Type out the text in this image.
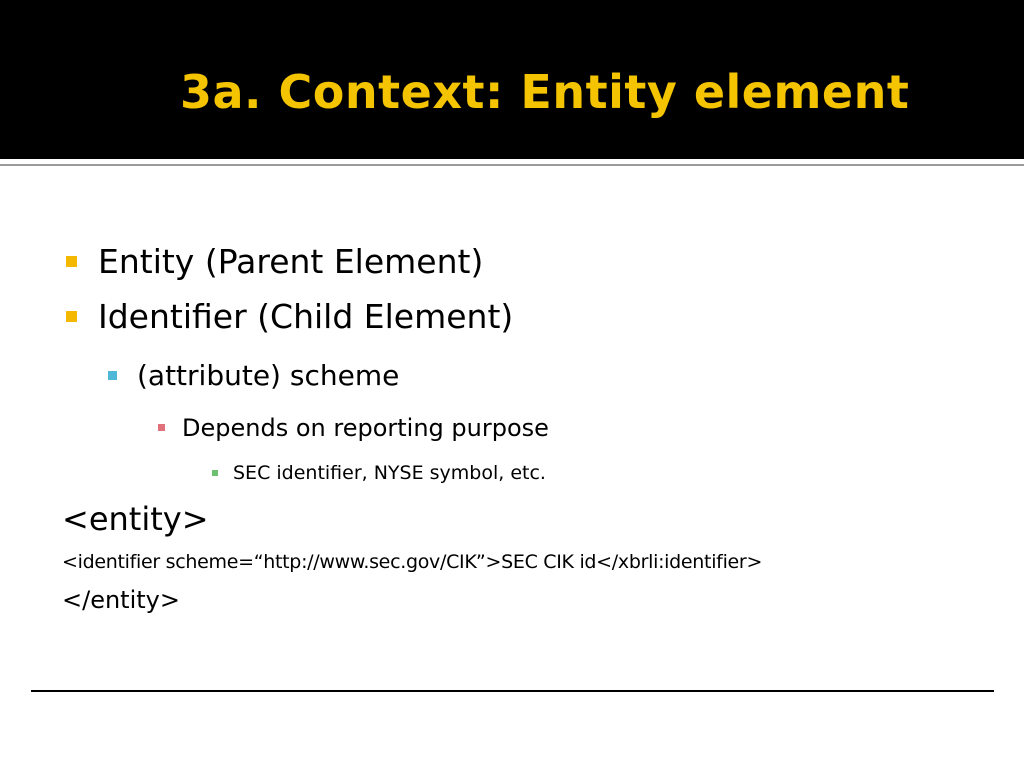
3a. Context: Entity element
Entity (Parent Element)
Identifier (Child Element)
(attribute) scheme
Depends on reporting purpose
SEC identifier, NYSE symbol, etc.
<entity>
<identifier scheme=“http://www.sec.gov/CIK”>SEC CIK id</xbrli:identifier>
</entity>
